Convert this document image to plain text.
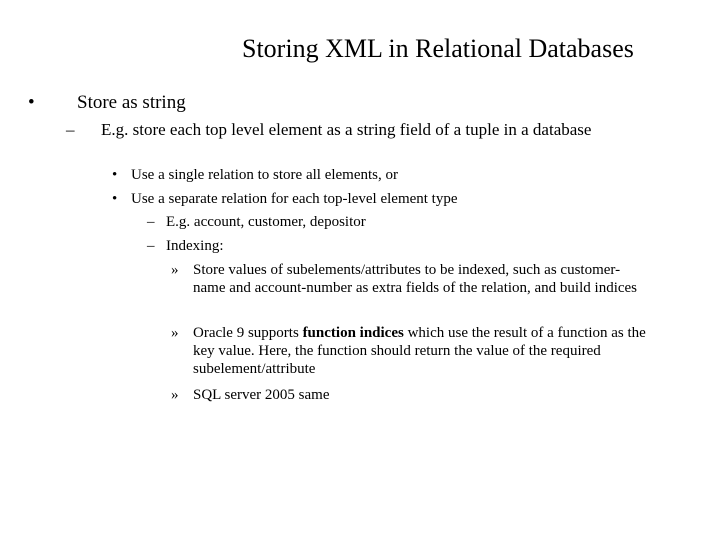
Storing XML in Relational Databases
• Store as string
– E.g. store each top level element as a string field of a tuple in a database
• Use a single relation to store all elements, or
• Use a separate relation for each top-level element type
– E.g. account, customer, depositor
– Indexing:
» Store values of subelements/attributes to be indexed, such as customer-name and account-number as extra fields of the relation, and build indices
» Oracle 9 supports function indices which use the result of a function as the key value. Here, the function should return the value of the required subelement/attribute
» SQL server 2005 same
